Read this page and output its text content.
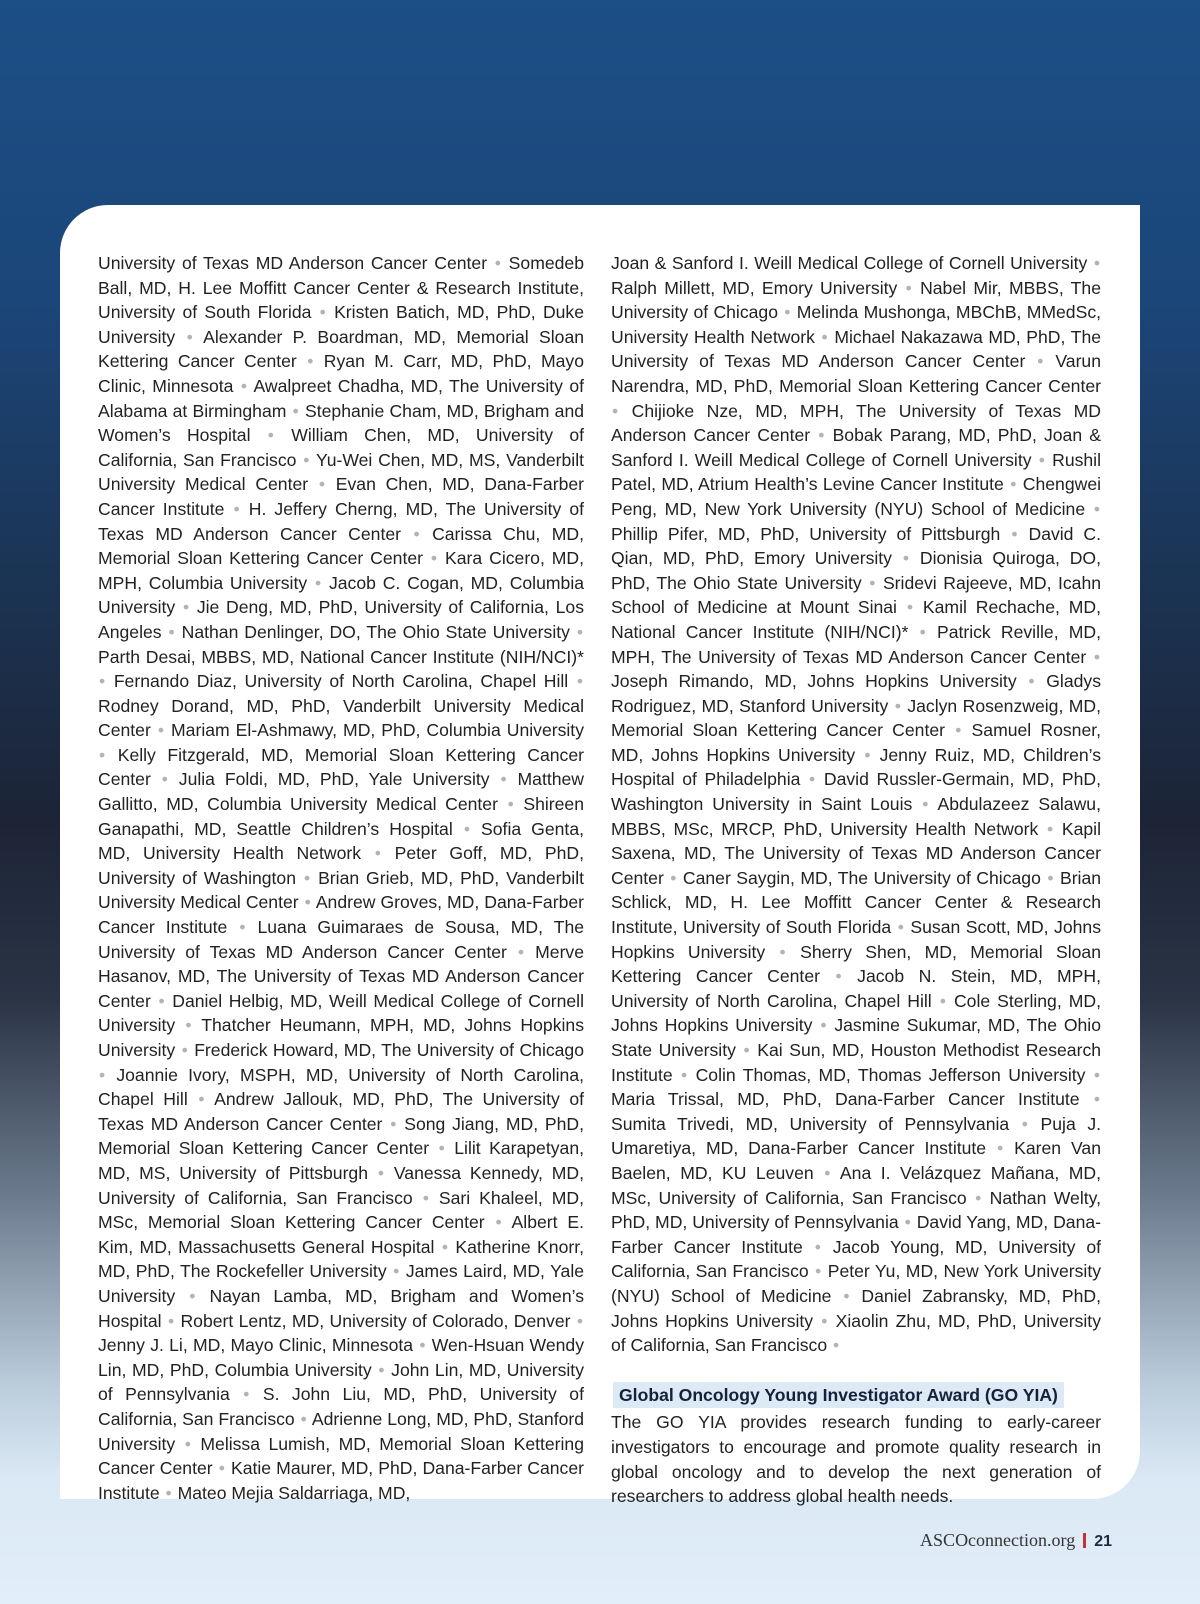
University of Texas MD Anderson Cancer Center • Somedeb Ball, MD, H. Lee Moffitt Cancer Center & Research Institute, University of South Florida • Kristen Batich, MD, PhD, Duke University • Alexander P. Boardman, MD, Memorial Sloan Kettering Cancer Center • Ryan M. Carr, MD, PhD, Mayo Clinic, Minnesota • Awalpreet Chadha, MD, The University of Alabama at Birmingham • Stephanie Cham, MD, Brigham and Women’s Hospital • William Chen, MD, University of California, San Francisco • Yu-Wei Chen, MD, MS, Vanderbilt University Medical Center • Evan Chen, MD, Dana-Farber Cancer Institute • H. Jeffery Cherng, MD, The University of Texas MD Anderson Cancer Center • Carissa Chu, MD, Memorial Sloan Kettering Cancer Center • Kara Cicero, MD, MPH, Columbia University • Jacob C. Cogan, MD, Columbia University • Jie Deng, MD, PhD, University of California, Los Angeles • Nathan Denlinger, DO, The Ohio State University • Parth Desai, MBBS, MD, National Cancer Institute (NIH/NCI)* • Fernando Diaz, University of North Carolina, Chapel Hill • Rodney Dorand, MD, PhD, Vanderbilt University Medical Center • Mariam El-Ashmawy, MD, PhD, Columbia University • Kelly Fitzgerald, MD, Memorial Sloan Kettering Cancer Center • Julia Foldi, MD, PhD, Yale University • Matthew Gallitto, MD, Columbia University Medical Center • Shireen Ganapathi, MD, Seattle Children’s Hospital • Sofia Genta, MD, University Health Network • Peter Goff, MD, PhD, University of Washington • Brian Grieb, MD, PhD, Vanderbilt University Medical Center • Andrew Groves, MD, Dana-Farber Cancer Institute • Luana Guimaraes de Sousa, MD, The University of Texas MD Anderson Cancer Center • Merve Hasanov, MD, The University of Texas MD Anderson Cancer Center • Daniel Helbig, MD, Weill Medical College of Cornell University • Thatcher Heumann, MPH, MD, Johns Hopkins University • Frederick Howard, MD, The University of Chicago • Joannie Ivory, MSPH, MD, University of North Carolina, Chapel Hill • Andrew Jallouk, MD, PhD, The University of Texas MD Anderson Cancer Center • Song Jiang, MD, PhD, Memorial Sloan Kettering Cancer Center • Lilit Karapetyan, MD, MS, University of Pittsburgh • Vanessa Kennedy, MD, University of California, San Francisco • Sari Khaleel, MD, MSc, Memorial Sloan Kettering Cancer Center • Albert E. Kim, MD, Massachusetts General Hospital • Katherine Knorr, MD, PhD, The Rockefeller University • James Laird, MD, Yale University • Nayan Lamba, MD, Brigham and Women’s Hospital • Robert Lentz, MD, University of Colorado, Denver • Jenny J. Li, MD, Mayo Clinic, Minnesota • Wen-Hsuan Wendy Lin, MD, PhD, Columbia University • John Lin, MD, University of Pennsylvania • S. John Liu, MD, PhD, University of California, San Francisco • Adrienne Long, MD, PhD, Stanford University • Melissa Lumish, MD, Memorial Sloan Kettering Cancer Center • Katie Maurer, MD, PhD, Dana-Farber Cancer Institute • Mateo Mejia Saldarriaga, MD,
Joan & Sanford I. Weill Medical College of Cornell University • Ralph Millett, MD, Emory University • Nabel Mir, MBBS, The University of Chicago • Melinda Mushonga, MBChB, MMedSc, University Health Network • Michael Nakazawa MD, PhD, The University of Texas MD Anderson Cancer Center • Varun Narendra, MD, PhD, Memorial Sloan Kettering Cancer Center • Chijioke Nze, MD, MPH, The University of Texas MD Anderson Cancer Center • Bobak Parang, MD, PhD, Joan & Sanford I. Weill Medical College of Cornell University • Rushil Patel, MD, Atrium Health’s Levine Cancer Institute • Chengwei Peng, MD, New York University (NYU) School of Medicine • Phillip Pifer, MD, PhD, University of Pittsburgh • David C. Qian, MD, PhD, Emory University • Dionisia Quiroga, DO, PhD, The Ohio State University • Sridevi Rajeeve, MD, Icahn School of Medicine at Mount Sinai • Kamil Rechache, MD, National Cancer Institute (NIH/NCI)* • Patrick Reville, MD, MPH, The University of Texas MD Anderson Cancer Center • Joseph Rimando, MD, Johns Hopkins University • Gladys Rodriguez, MD, Stanford University • Jaclyn Rosenzweig, MD, Memorial Sloan Kettering Cancer Center • Samuel Rosner, MD, Johns Hopkins University • Jenny Ruiz, MD, Children’s Hospital of Philadelphia • David Russler-Germain, MD, PhD, Washington University in Saint Louis • Abdulazeez Salawu, MBBS, MSc, MRCP, PhD, University Health Network • Kapil Saxena, MD, The University of Texas MD Anderson Cancer Center • Caner Saygin, MD, The University of Chicago • Brian Schlick, MD, H. Lee Moffitt Cancer Center & Research Institute, University of South Florida • Susan Scott, MD, Johns Hopkins University • Sherry Shen, MD, Memorial Sloan Kettering Cancer Center • Jacob N. Stein, MD, MPH, University of North Carolina, Chapel Hill • Cole Sterling, MD, Johns Hopkins University • Jasmine Sukumar, MD, The Ohio State University • Kai Sun, MD, Houston Methodist Research Institute • Colin Thomas, MD, Thomas Jefferson University • Maria Trissal, MD, PhD, Dana-Farber Cancer Institute • Sumita Trivedi, MD, University of Pennsylvania • Puja J. Umaretiya, MD, Dana-Farber Cancer Institute • Karen Van Baelen, MD, KU Leuven • Ana I. Velázquez Mañana, MD, MSc, University of California, San Francisco • Nathan Welty, PhD, MD, University of Pennsylvania • David Yang, MD, Dana-Farber Cancer Institute • Jacob Young, MD, University of California, San Francisco • Peter Yu, MD, New York University (NYU) School of Medicine • Daniel Zabransky, MD, PhD, Johns Hopkins University • Xiaolin Zhu, MD, PhD, University of California, San Francisco •
Global Oncology Young Investigator Award (GO YIA)
The GO YIA provides research funding to early-career investigators to encourage and promote quality research in global oncology and to develop the next generation of researchers to address global health needs.
ASCOconnection.org 21
